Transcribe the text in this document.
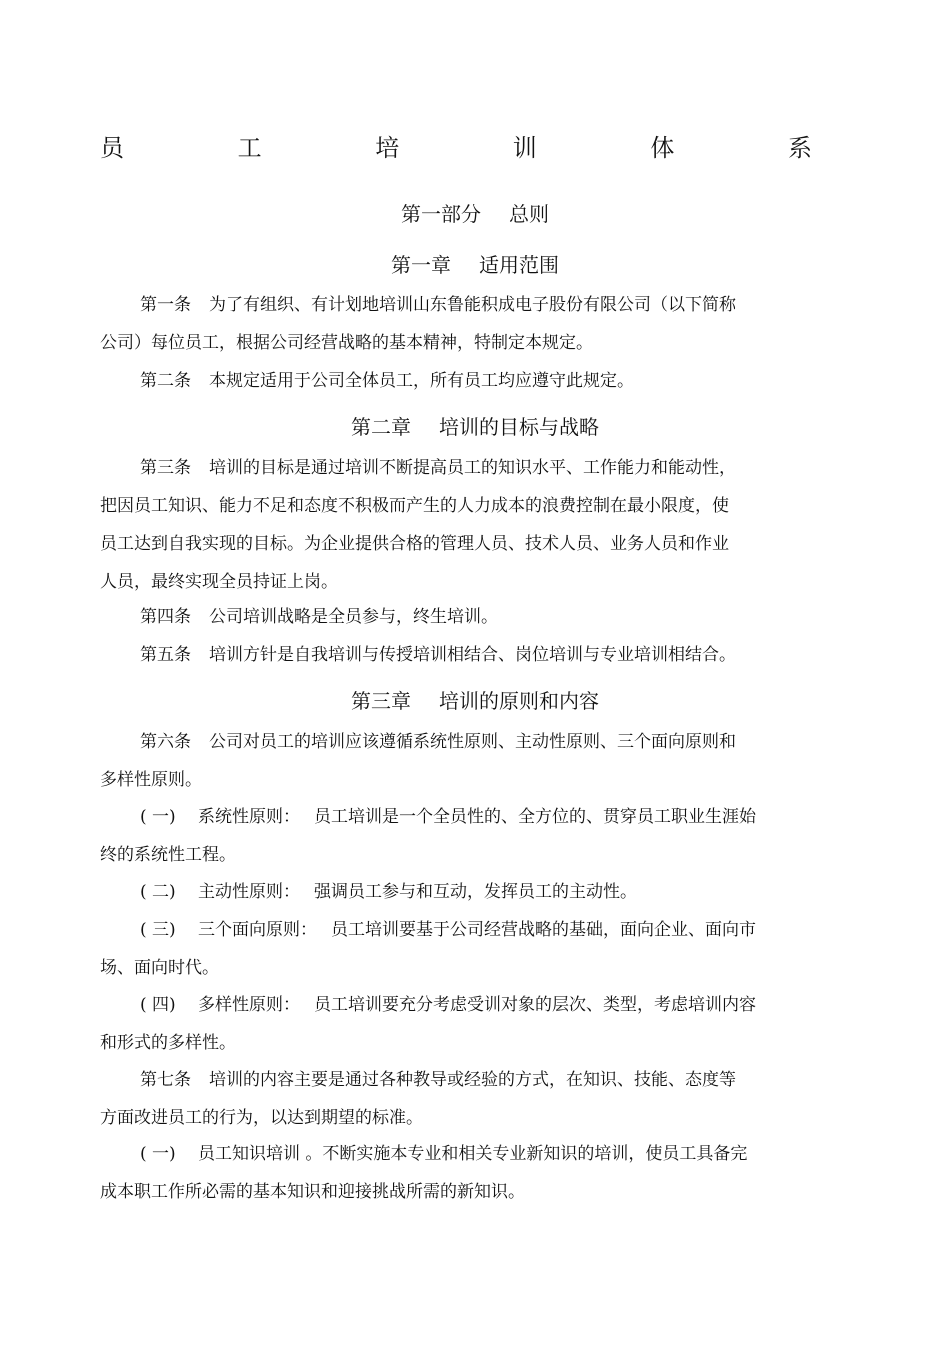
员	工	培	训	体	系
第一部分 总则
第一章 适用范围
第一条 为了有组织、有计划地培训山东鲁能积成电子股份有限公司（以下简称
公司）每位员工，根据公司经营战略的基本精神，特制定本规定。
第二条 本规定适用于公司全体员工，所有员工均应遵守此规定。
第二章 培训的目标与战略
第三条 培训的目标是通过培训不断提高员工的知识水平、工作能力和能动性，
把因员工知识、能力不足和态度不积极而产生的人力成本的浪费控制在最小限度，使
员工达到自我实现的目标。为企业提供合格的管理人员、技术人员、业务人员和作业
人员，最终实现全员持证上岗。
第四条 公司培训战略是全员参与，终生培训。
第五条 培训方针是自我培训与传授培训相结合、岗位培训与专业培训相结合。
第三章 培训的原则和内容
第六条 公司对员工的培训应该遵循系统性原则、主动性原则、三个面向原则和
多样性原则。
( 一) 系统性原则： 员工培训是一个全员性的、全方位的、贯穿员工职业生涯始
终的系统性工程。
( 二) 主动性原则： 强调员工参与和互动，发挥员工的主动性。
( 三) 三个面向原则： 员工培训要基于公司经营战略的基础，面向企业、面向市
场、面向时代。
( 四) 多样性原则： 员工培训要充分考虑受训对象的层次、类型，考虑培训内容
和形式的多样性。
第七条 培训的内容主要是通过各种教导或经验的方式，在知识、技能、态度等
方面改进员工的行为，以达到期望的标准。
( 一) 员工知识培训 。不断实施本专业和相关专业新知识的培训，使员工具备完
成本职工作所必需的基本知识和迎接挑战所需的新知识。
